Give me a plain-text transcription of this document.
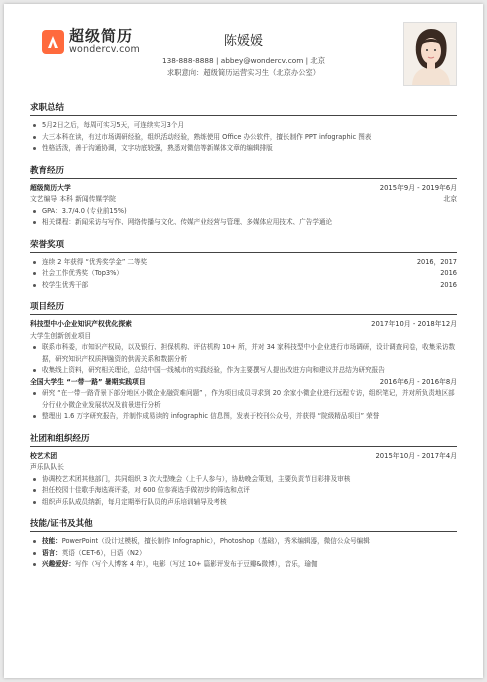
超级简历
wondercv.com
陈媛媛
138-888-8888 | abbey@wondercv.com | 北京
求职意向：超级简历运营实习生（北京办公室）
求职总结
5月2日之后，每周可实习5天，可连续实习3个月
大三本科在读，有过市场调研经验，组织活动经验，熟练使用 Office 办公软件，擅长制作 PPT infographic 图表
性格活泼，善于沟通协调，文字功底较强，熟悉对微信等新媒体文章的编辑排版
教育经历
超级简历大学	2015年9月 - 2019年6月
文艺编导 本科 新闻传媒学院	北京
GPA：3.7/4.0 (专业前15%)
相关课程：新闻采访与写作、网络传播与文化、传媒产业经营与管理、多媒体应用技术、广告学通论
荣誉奖项
连续 2 年获得 “优秀奖学金” 二等奖	2016，2017
社会工作优秀奖（Top3%）	2016
校学生优秀干部	2016
项目经历
科技型中小企业知识产权优化探索	2017年10月 - 2018年12月
大学生创新创业项目
联系市科委，市知识产权局，以及银行、担保机构、评估机构 10+ 所，并对 34 家科技型中小企业进行市场调研，设计调查问卷，收集采访数据，研究知识产权质押融资的供需关系和数据分析
收集线上资料，研究相关理论，总结中国一线城市的实践经验，作为主要撰写人提出改进方向和建议并总结为研究报告
全国大学生 “一带一路” 暑期实践项目	2016年6月 - 2016年8月
研究 “在一带一路背景下部分地区小微企业融资难问题” ，作为项目成员寻求到 20 余家小微企业进行远程专访，组织笔记，并对所负责地区部分行业小微企业发展状况及前景进行分析
整理出 1.6 万字研究报告，并制作成易读的 infographic 信息图，发表于校刊公众号，并获得 “院级精品项目” 荣誉
社团和组织经历
校艺术团	2015年10月 - 2017年4月
声乐队队长
协调校艺术团其他部门，共同组织 3 次大型晚会（上千人参与），协助晚会策划，主要负责节目彩排及审核
担任校园十佳歌手海选赛评委，对 600 位参赛选手做初步的筛选和点评
组织声乐队成员纳新，每月定期举行队员的声乐培训辅导及考核
技能/证书及其他
技能：PowerPoint（设计过模板，擅长制作 Infographic），Photoshop（基础），秀米编辑器，微信公众号编辑
语言：英语（CET-6），日语（N2）
兴趣爱好：写作（写个人博客 4 年），电影（写过 10+ 篇影评发布于豆瓣&微博），音乐，瑜伽
